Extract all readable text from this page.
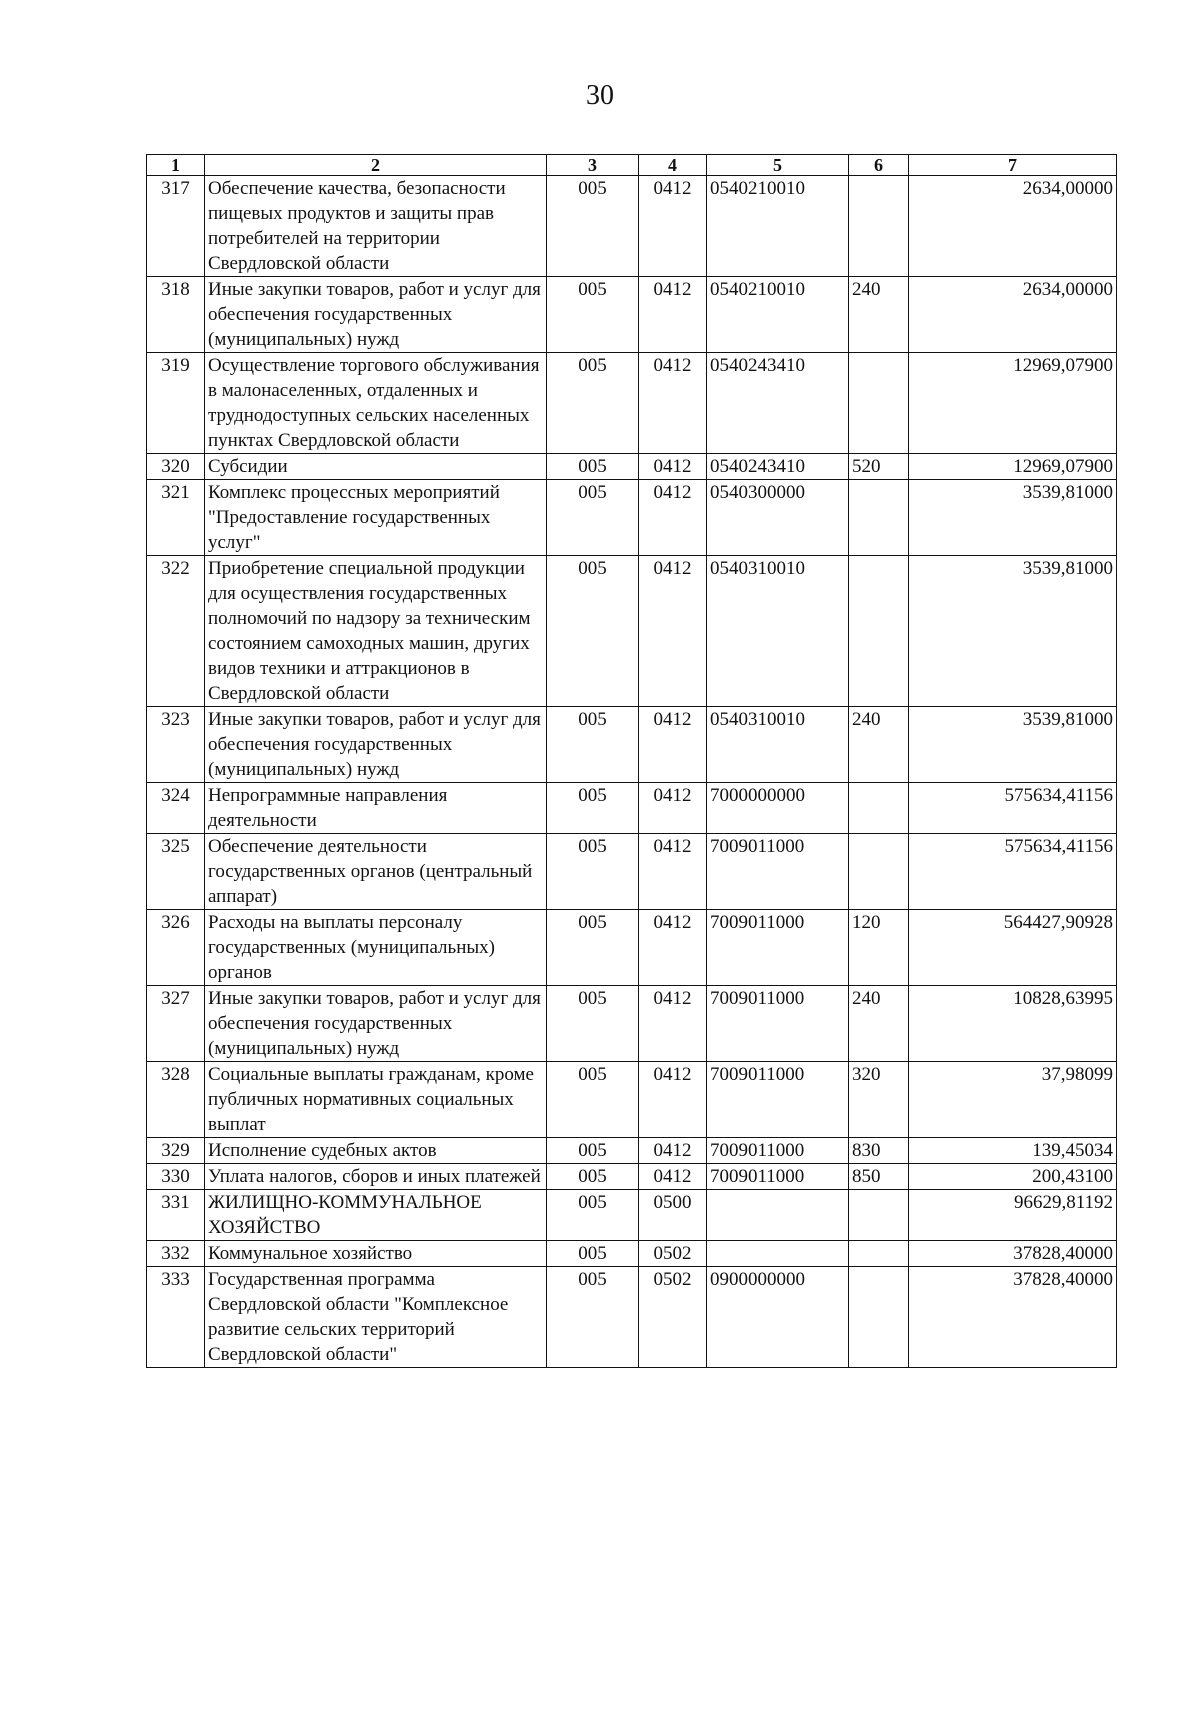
30
1	2	3	4	5	6	7
317	Обеспечение качества, безопасности пищевых продуктов и защиты прав потребителей на территории Свердловской области	005	0412	0540210010		2634,00000
318	Иные закупки товаров, работ и услуг для обеспечения государственных (муниципальных) нужд	005	0412	0540210010	240	2634,00000
319	Осуществление торгового обслуживания в малонаселенных, отдаленных и труднодоступных сельских населенных пунктах Свердловской области	005	0412	0540243410		12969,07900
320	Субсидии	005	0412	0540243410	520	12969,07900
321	Комплекс процессных мероприятий "Предоставление государственных услуг"	005	0412	0540300000		3539,81000
322	Приобретение специальной продукции для осуществления государственных полномочий по надзору за техническим состоянием самоходных машин, других видов техники и аттракционов в Свердловской области	005	0412	0540310010		3539,81000
323	Иные закупки товаров, работ и услуг для обеспечения государственных (муниципальных) нужд	005	0412	0540310010	240	3539,81000
324	Непрограммные направления деятельности	005	0412	7000000000		575634,41156
325	Обеспечение деятельности государственных органов (центральный аппарат)	005	0412	7009011000		575634,41156
326	Расходы на выплаты персоналу государственных (муниципальных) органов	005	0412	7009011000	120	564427,90928
327	Иные закупки товаров, работ и услуг для обеспечения государственных (муниципальных) нужд	005	0412	7009011000	240	10828,63995
328	Социальные выплаты гражданам, кроме публичных нормативных социальных выплат	005	0412	7009011000	320	37,98099
329	Исполнение судебных актов	005	0412	7009011000	830	139,45034
330	Уплата налогов, сборов и иных платежей	005	0412	7009011000	850	200,43100
331	ЖИЛИЩНО-КОММУНАЛЬНОЕ ХОЗЯЙСТВО	005	0500			96629,81192
332	Коммунальное хозяйство	005	0502			37828,40000
333	Государственная программа Свердловской области "Комплексное развитие сельских территорий Свердловской области"	005	0502	0900000000		37828,40000
